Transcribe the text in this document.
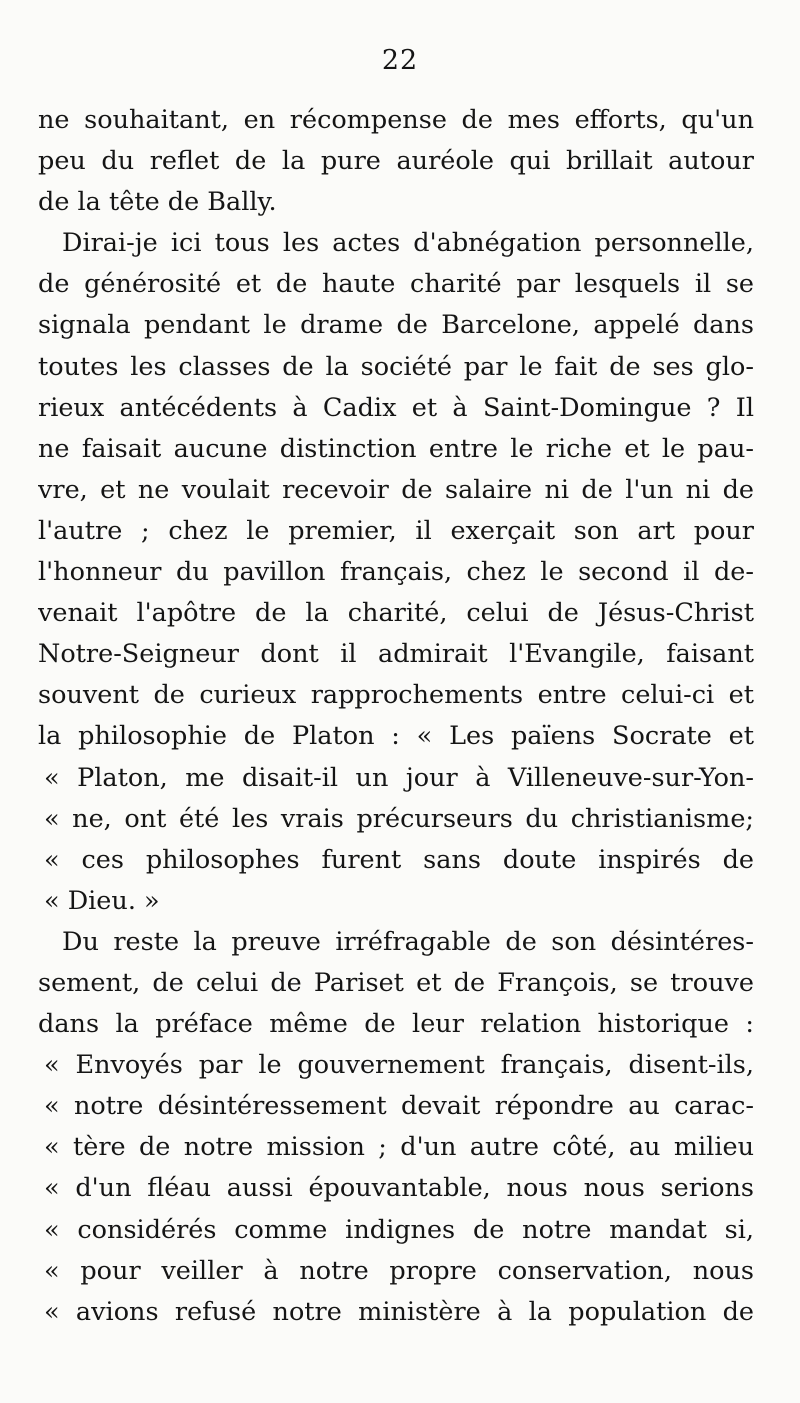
22
ne souhaitant, en récompense de mes efforts, qu'un
peu du reflet de la pure auréole qui brillait autour
de la tête de Bally.
Dirai-je ici tous les actes d'abnégation personnelle,
de générosité et de haute charité par lesquels il se
signala pendant le drame de Barcelone, appelé dans
toutes les classes de la société par le fait de ses glo-
rieux antécédents à Cadix et à Saint-Domingue ? Il
ne faisait aucune distinction entre le riche et le pau-
vre, et ne voulait recevoir de salaire ni de l'un ni de
l'autre ; chez le premier, il exerçait son art pour
l'honneur du pavillon français, chez le second il de-
venait l'apôtre de la charité, celui de Jésus-Christ
Notre-Seigneur dont il admirait l'Evangile, faisant
souvent de curieux rapprochements entre celui-ci et
la philosophie de Platon : « Les païens Socrate et
« Platon, me disait-il un jour à Villeneuve-sur-Yon-
« ne, ont été les vrais précurseurs du christianisme;
« ces philosophes furent sans doute inspirés de
« Dieu. »
Du reste la preuve irréfragable de son désintéres-
sement, de celui de Pariset et de François, se trouve
dans la préface même de leur relation historique :
« Envoyés par le gouvernement français, disent-ils,
« notre désintéressement devait répondre au carac-
« tère de notre mission ; d'un autre côté, au milieu
« d'un fléau aussi épouvantable, nous nous serions
« considérés comme indignes de notre mandat si,
« pour veiller à notre propre conservation, nous
« avions refusé notre ministère à la population de
